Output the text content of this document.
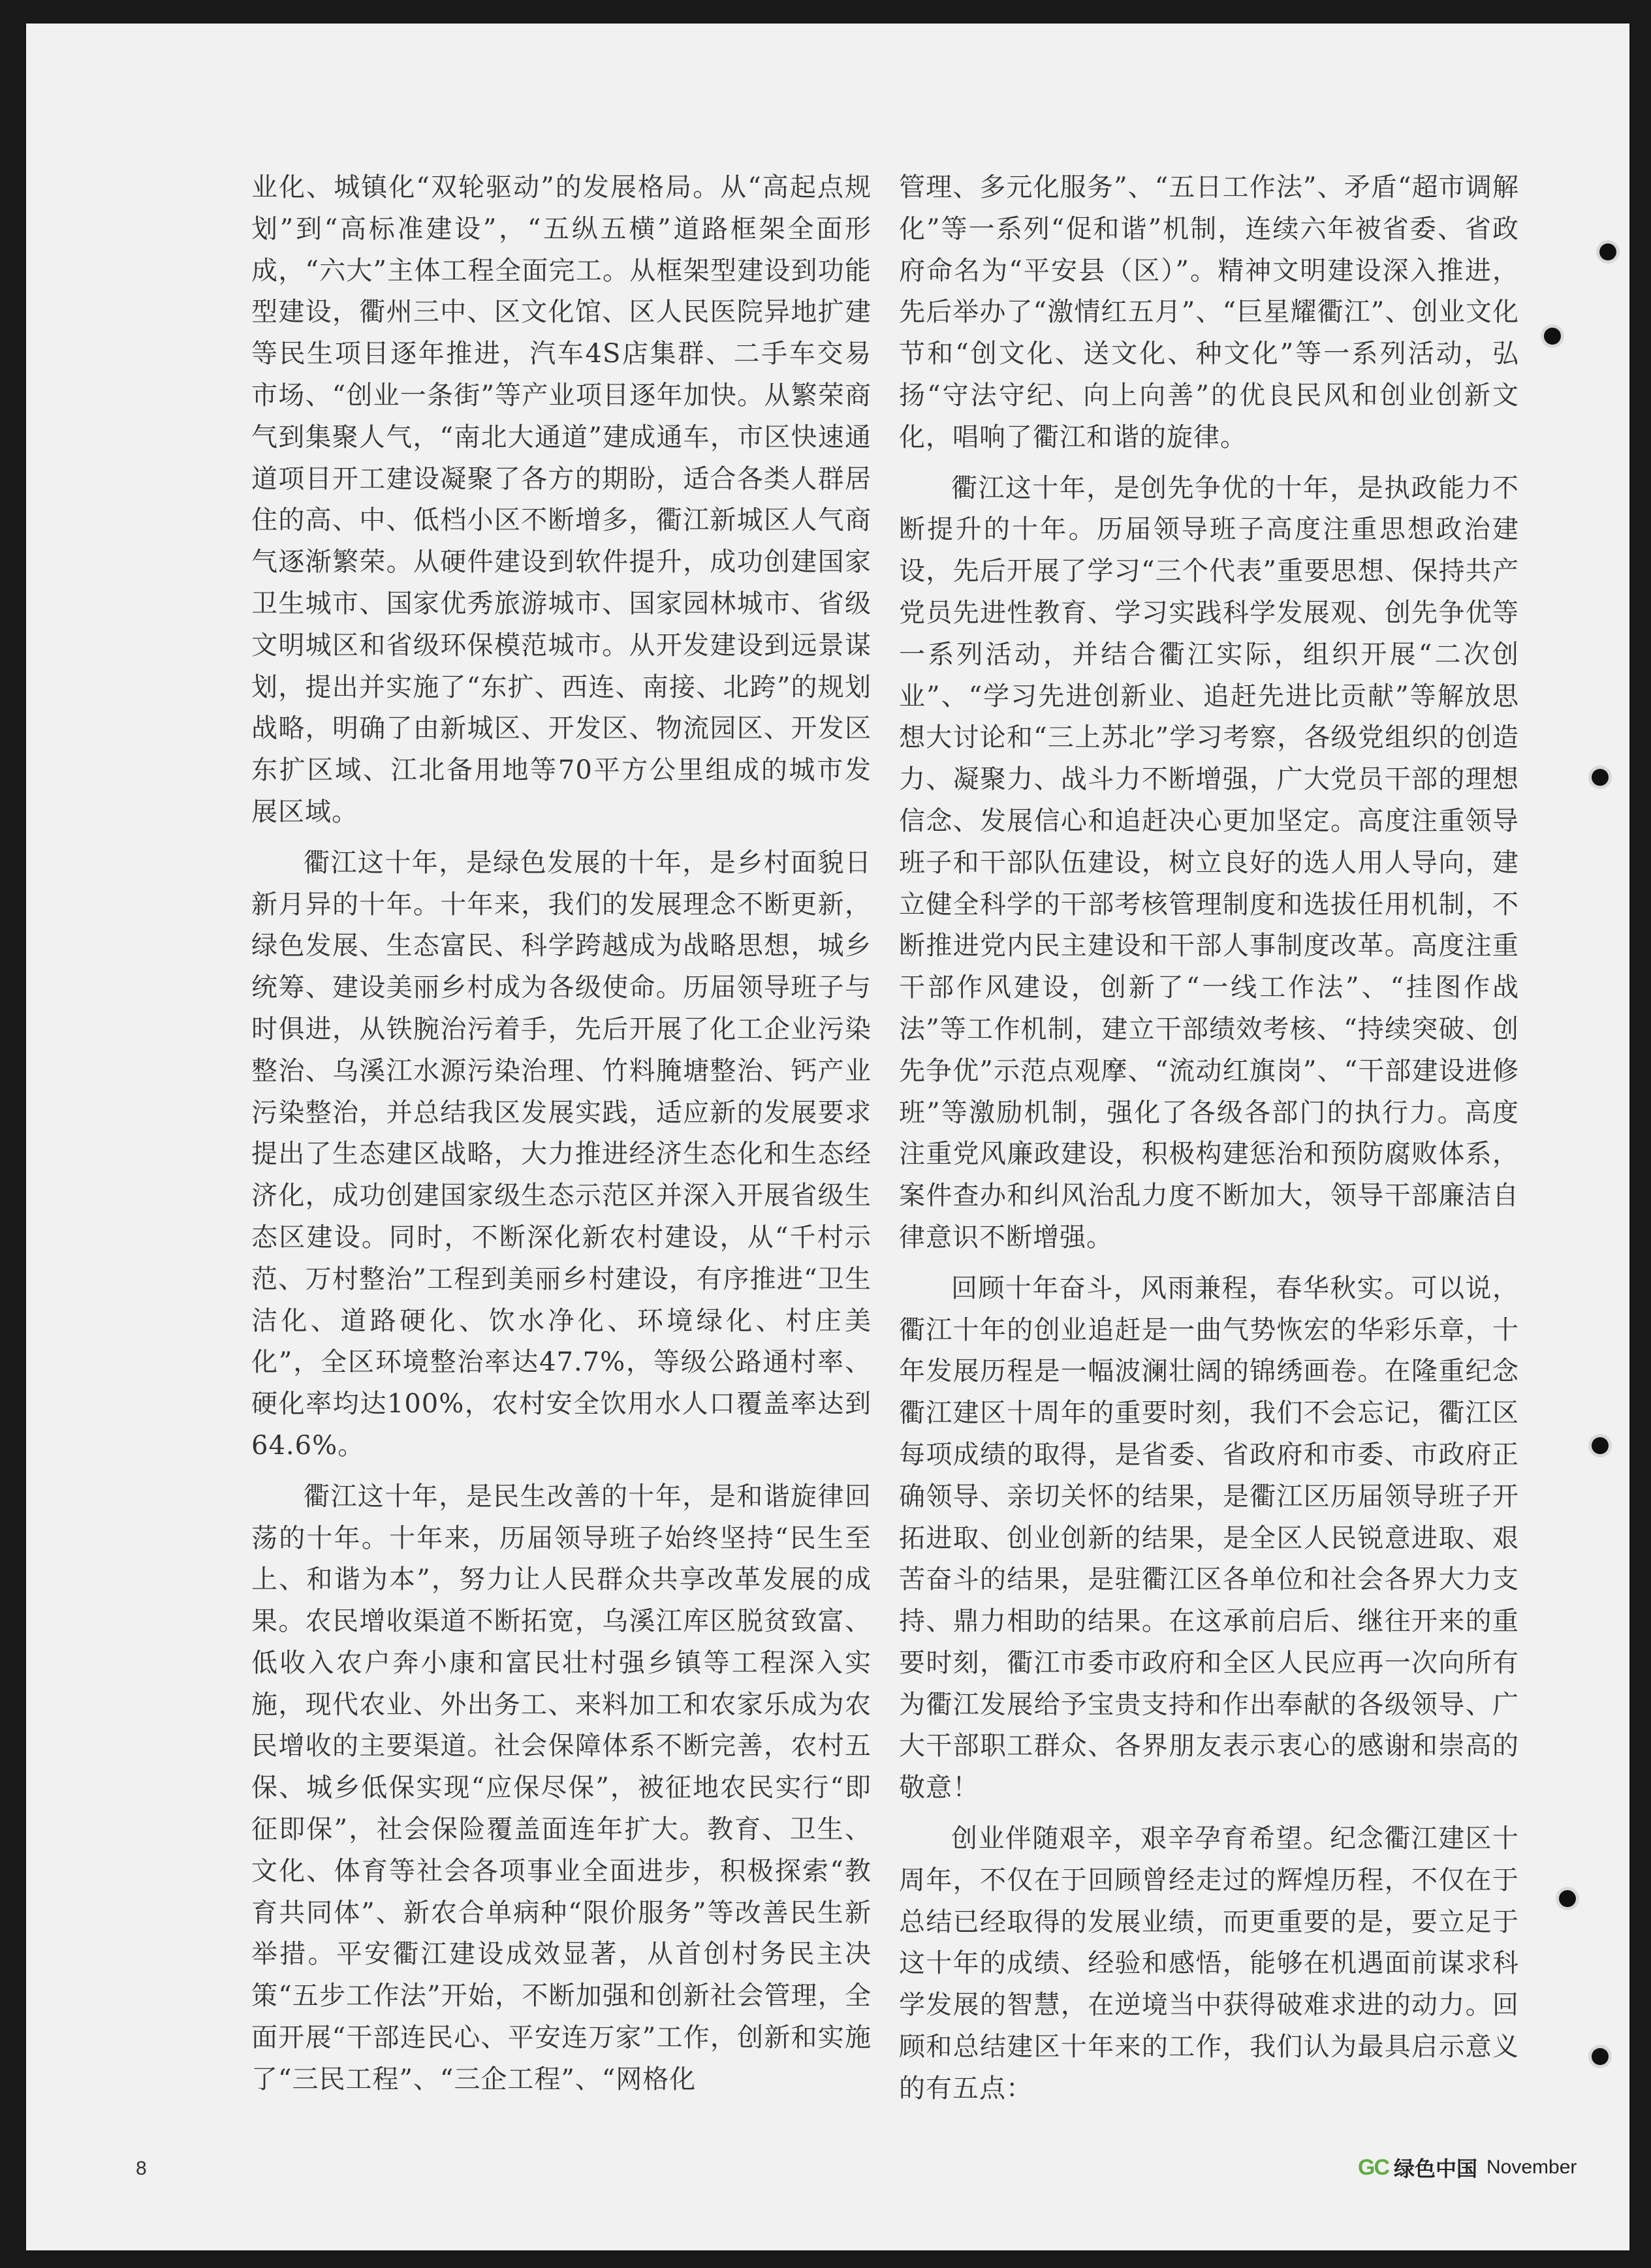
业化、城镇化“双轮驱动”的发展格局。从“高起点规划”到“高标准建设”，“五纵五横”道路框架全面形成，“六大”主体工程全面完工。从框架型建设到功能型建设，衢州三中、区文化馆、区人民医院异地扩建等民生项目逐年推进，汽车4S店集群、二手车交易市场、“创业一条街”等产业项目逐年加快。从繁荣商气到集聚人气，“南北大通道”建成通车，市区快速通道项目开工建设凝聚了各方的期盼，适合各类人群居住的高、中、低档小区不断增多，衢江新城区人气商气逐渐繁荣。从硬件建设到软件提升，成功创建国家卫生城市、国家优秀旅游城市、国家园林城市、省级文明城区和省级环保模范城市。从开发建设到远景谋划，提出并实施了“东扩、西连、南接、北跨”的规划战略，明确了由新城区、开发区、物流园区、开发区东扩区域、江北备用地等70平方公里组成的城市发展区域。

衢江这十年，是绿色发展的十年，是乡村面貌日新月异的十年。十年来，我们的发展理念不断更新，绿色发展、生态富民、科学跨越成为战略思想，城乡统筹、建设美丽乡村成为各级使命。历届领导班子与时俱进，从铁腕治污着手，先后开展了化工企业污染整治、乌溪江水源污染治理、竹料腌塘整治、钙产业污染整治，并总结我区发展实践，适应新的发展要求提出了生态建区战略，大力推进经济生态化和生态经济化，成功创建国家级生态示范区并深入开展省级生态区建设。同时，不断深化新农村建设，从“千村示范、万村整治”工程到美丽乡村建设，有序推进“卫生洁化、道路硬化、饮水净化、环境绿化、村庄美化”，全区环境整治率达47.7%，等级公路通村率、硬化率均达100%，农村安全饮用水人口覆盖率达到64.6%。

衢江这十年，是民生改善的十年，是和谐旋律回荡的十年。十年来，历届领导班子始终坚持“民生至上、和谐为本”，努力让人民群众共享改革发展的成果。农民增收渠道不断拓宽，乌溪江库区脱贫致富、低收入农户奔小康和富民壮村强乡镇等工程深入实施，现代农业、外出务工、来料加工和农家乐成为农民增收的主要渠道。社会保障体系不断完善，农村五保、城乡低保实现“应保尽保”，被征地农民实行“即征即保”，社会保险覆盖面连年扩大。教育、卫生、文化、体育等社会各项事业全面进步，积极探索“教育共同体”、新农合单病种“限价服务”等改善民生新举措。平安衢江建设成效显著，从首创村务民主决策“五步工作法”开始，不断加强和创新社会管理，全面开展“干部连民心、平安连万家”工作，创新和实施了“三民工程”、“三企工程”、“网格化

管理、多元化服务”、“五日工作法”、矛盾“超市调解化”等一系列“促和谐”机制，连续六年被省委、省政府命名为“平安县（区）”。精神文明建设深入推进，先后举办了“激情红五月”、“巨星耀衢江”、创业文化节和“创文化、送文化、种文化”等一系列活动，弘扬“守法守纪、向上向善”的优良民风和创业创新文化，唱响了衢江和谐的旋律。

衢江这十年，是创先争优的十年，是执政能力不断提升的十年。历届领导班子高度注重思想政治建设，先后开展了学习“三个代表”重要思想、保持共产党员先进性教育、学习实践科学发展观、创先争优等一系列活动，并结合衢江实际，组织开展“二次创业”、“学习先进创新业、追赶先进比贡献”等解放思想大讨论和“三上苏北”学习考察，各级党组织的创造力、凝聚力、战斗力不断增强，广大党员干部的理想信念、发展信心和追赶决心更加坚定。高度注重领导班子和干部队伍建设，树立良好的选人用人导向，建立健全科学的干部考核管理制度和选拔任用机制，不断推进党内民主建设和干部人事制度改革。高度注重干部作风建设，创新了“一线工作法”、“挂图作战法”等工作机制，建立干部绩效考核、“持续突破、创先争优”示范点观摩、“流动红旗岗”、“干部建设进修班”等激励机制，强化了各级各部门的执行力。高度注重党风廉政建设，积极构建惩治和预防腐败体系，案件查办和纠风治乱力度不断加大，领导干部廉洁自律意识不断增强。

回顾十年奋斗，风雨兼程，春华秋实。可以说，衢江十年的创业追赶是一曲气势恢宏的华彩乐章，十年发展历程是一幅波澜壮阔的锦绣画卷。在隆重纪念衢江建区十周年的重要时刻，我们不会忘记，衢江区每项成绩的取得，是省委、省政府和市委、市政府正确领导、亲切关怀的结果，是衢江区历届领导班子开拓进取、创业创新的结果，是全区人民锐意进取、艰苦奋斗的结果，是驻衢江区各单位和社会各界大力支持、鼎力相助的结果。在这承前启后、继往开来的重要时刻，衢江市委市政府和全区人民应再一次向所有为衢江发展给予宝贵支持和作出奉献的各级领导、广大干部职工群众、各界朋友表示衷心的感谢和崇高的敬意！

创业伴随艰辛，艰辛孕育希望。纪念衢江建区十周年，不仅在于回顾曾经走过的辉煌历程，不仅在于总结已经取得的发展业绩，而更重要的是，要立足于这十年的成绩、经验和感悟，能够在机遇面前谋求科学发展的智慧，在逆境当中获得破难求进的动力。回顾和总结建区十年来的工作，我们认为最具启示意义的有五点：

8	GC 绿色中国 November
